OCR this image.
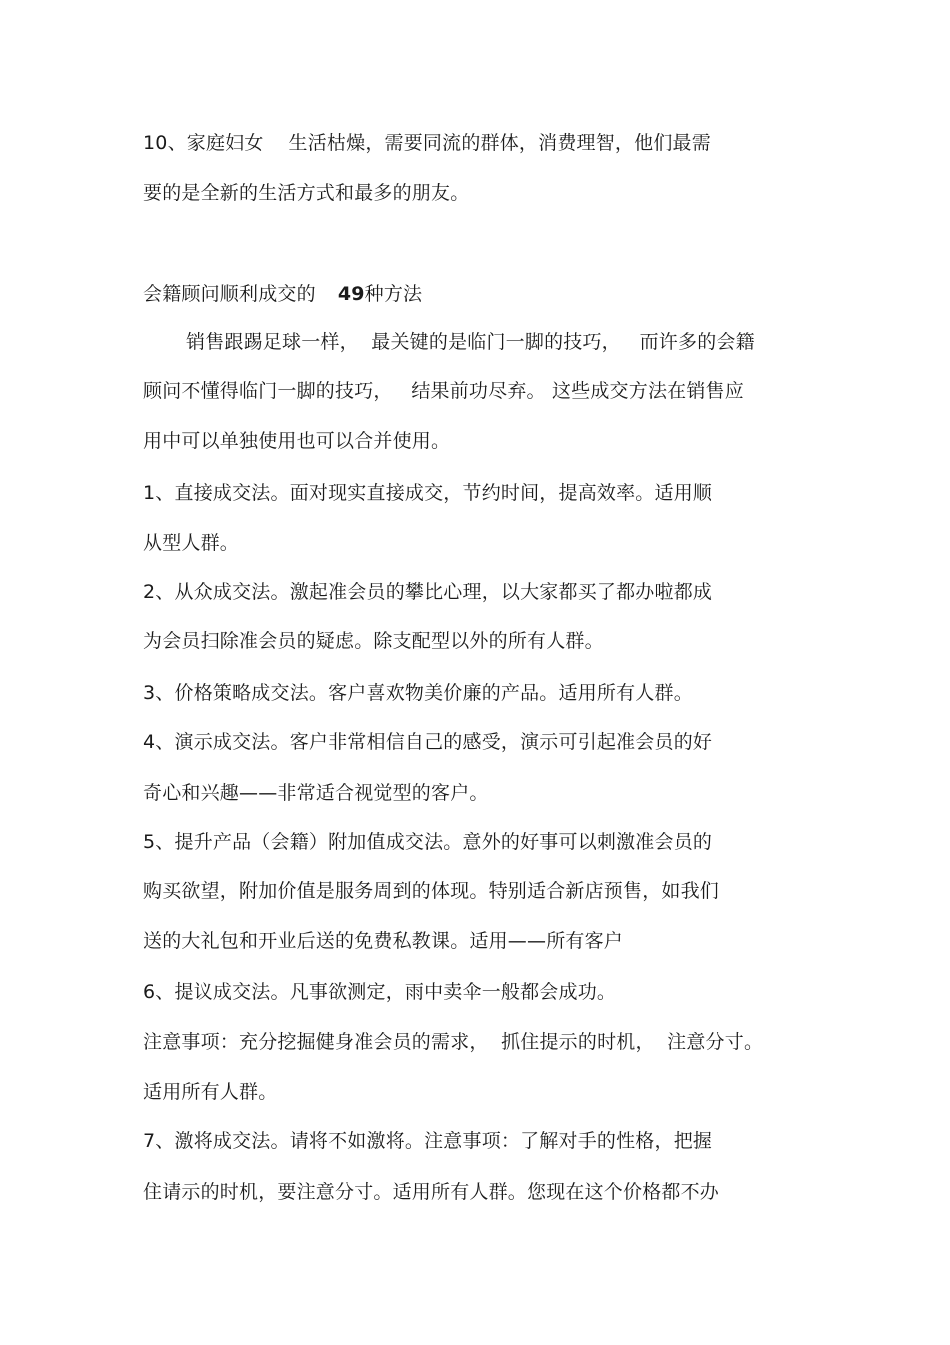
10、家庭妇女    生活枯燥，需要同流的群体，消费理智，他们最需
要的是全新的生活方式和最多的朋友。
会籍顾问顺利成交的 49种方法
销售跟踢足球一样，  最关键的是临门一脚的技巧，   而许多的会籍
顾问不懂得临门一脚的技巧，   结果前功尽弃。 这些成交方法在销售应
用中可以单独使用也可以合并使用。
1、直接成交法。面对现实直接成交，节约时间，提高效率。适用顺
从型人群。
2、从众成交法。激起准会员的攀比心理，以大家都买了都办啦都成
为会员扫除准会员的疑虑。除支配型以外的所有人群。
3、价格策略成交法。客户喜欢物美价廉的产品。适用所有人群。
4、演示成交法。客户非常相信自己的感受，演示可引起准会员的好
奇心和兴趣——非常适合视觉型的客户。
5、提升产品（会籍）附加值成交法。意外的好事可以刺激准会员的
购买欲望，附加价值是服务周到的体现。特别适合新店预售，如我们
送的大礼包和开业后送的免费私教课。适用——所有客户
6、提议成交法。凡事欲测定，雨中卖伞一般都会成功。
注意事项：充分挖掘健身准会员的需求，  抓住提示的时机，  注意分寸。
适用所有人群。
7、激将成交法。请将不如激将。注意事项：了解对手的性格，把握
住请示的时机，要注意分寸。适用所有人群。您现在这个价格都不办
